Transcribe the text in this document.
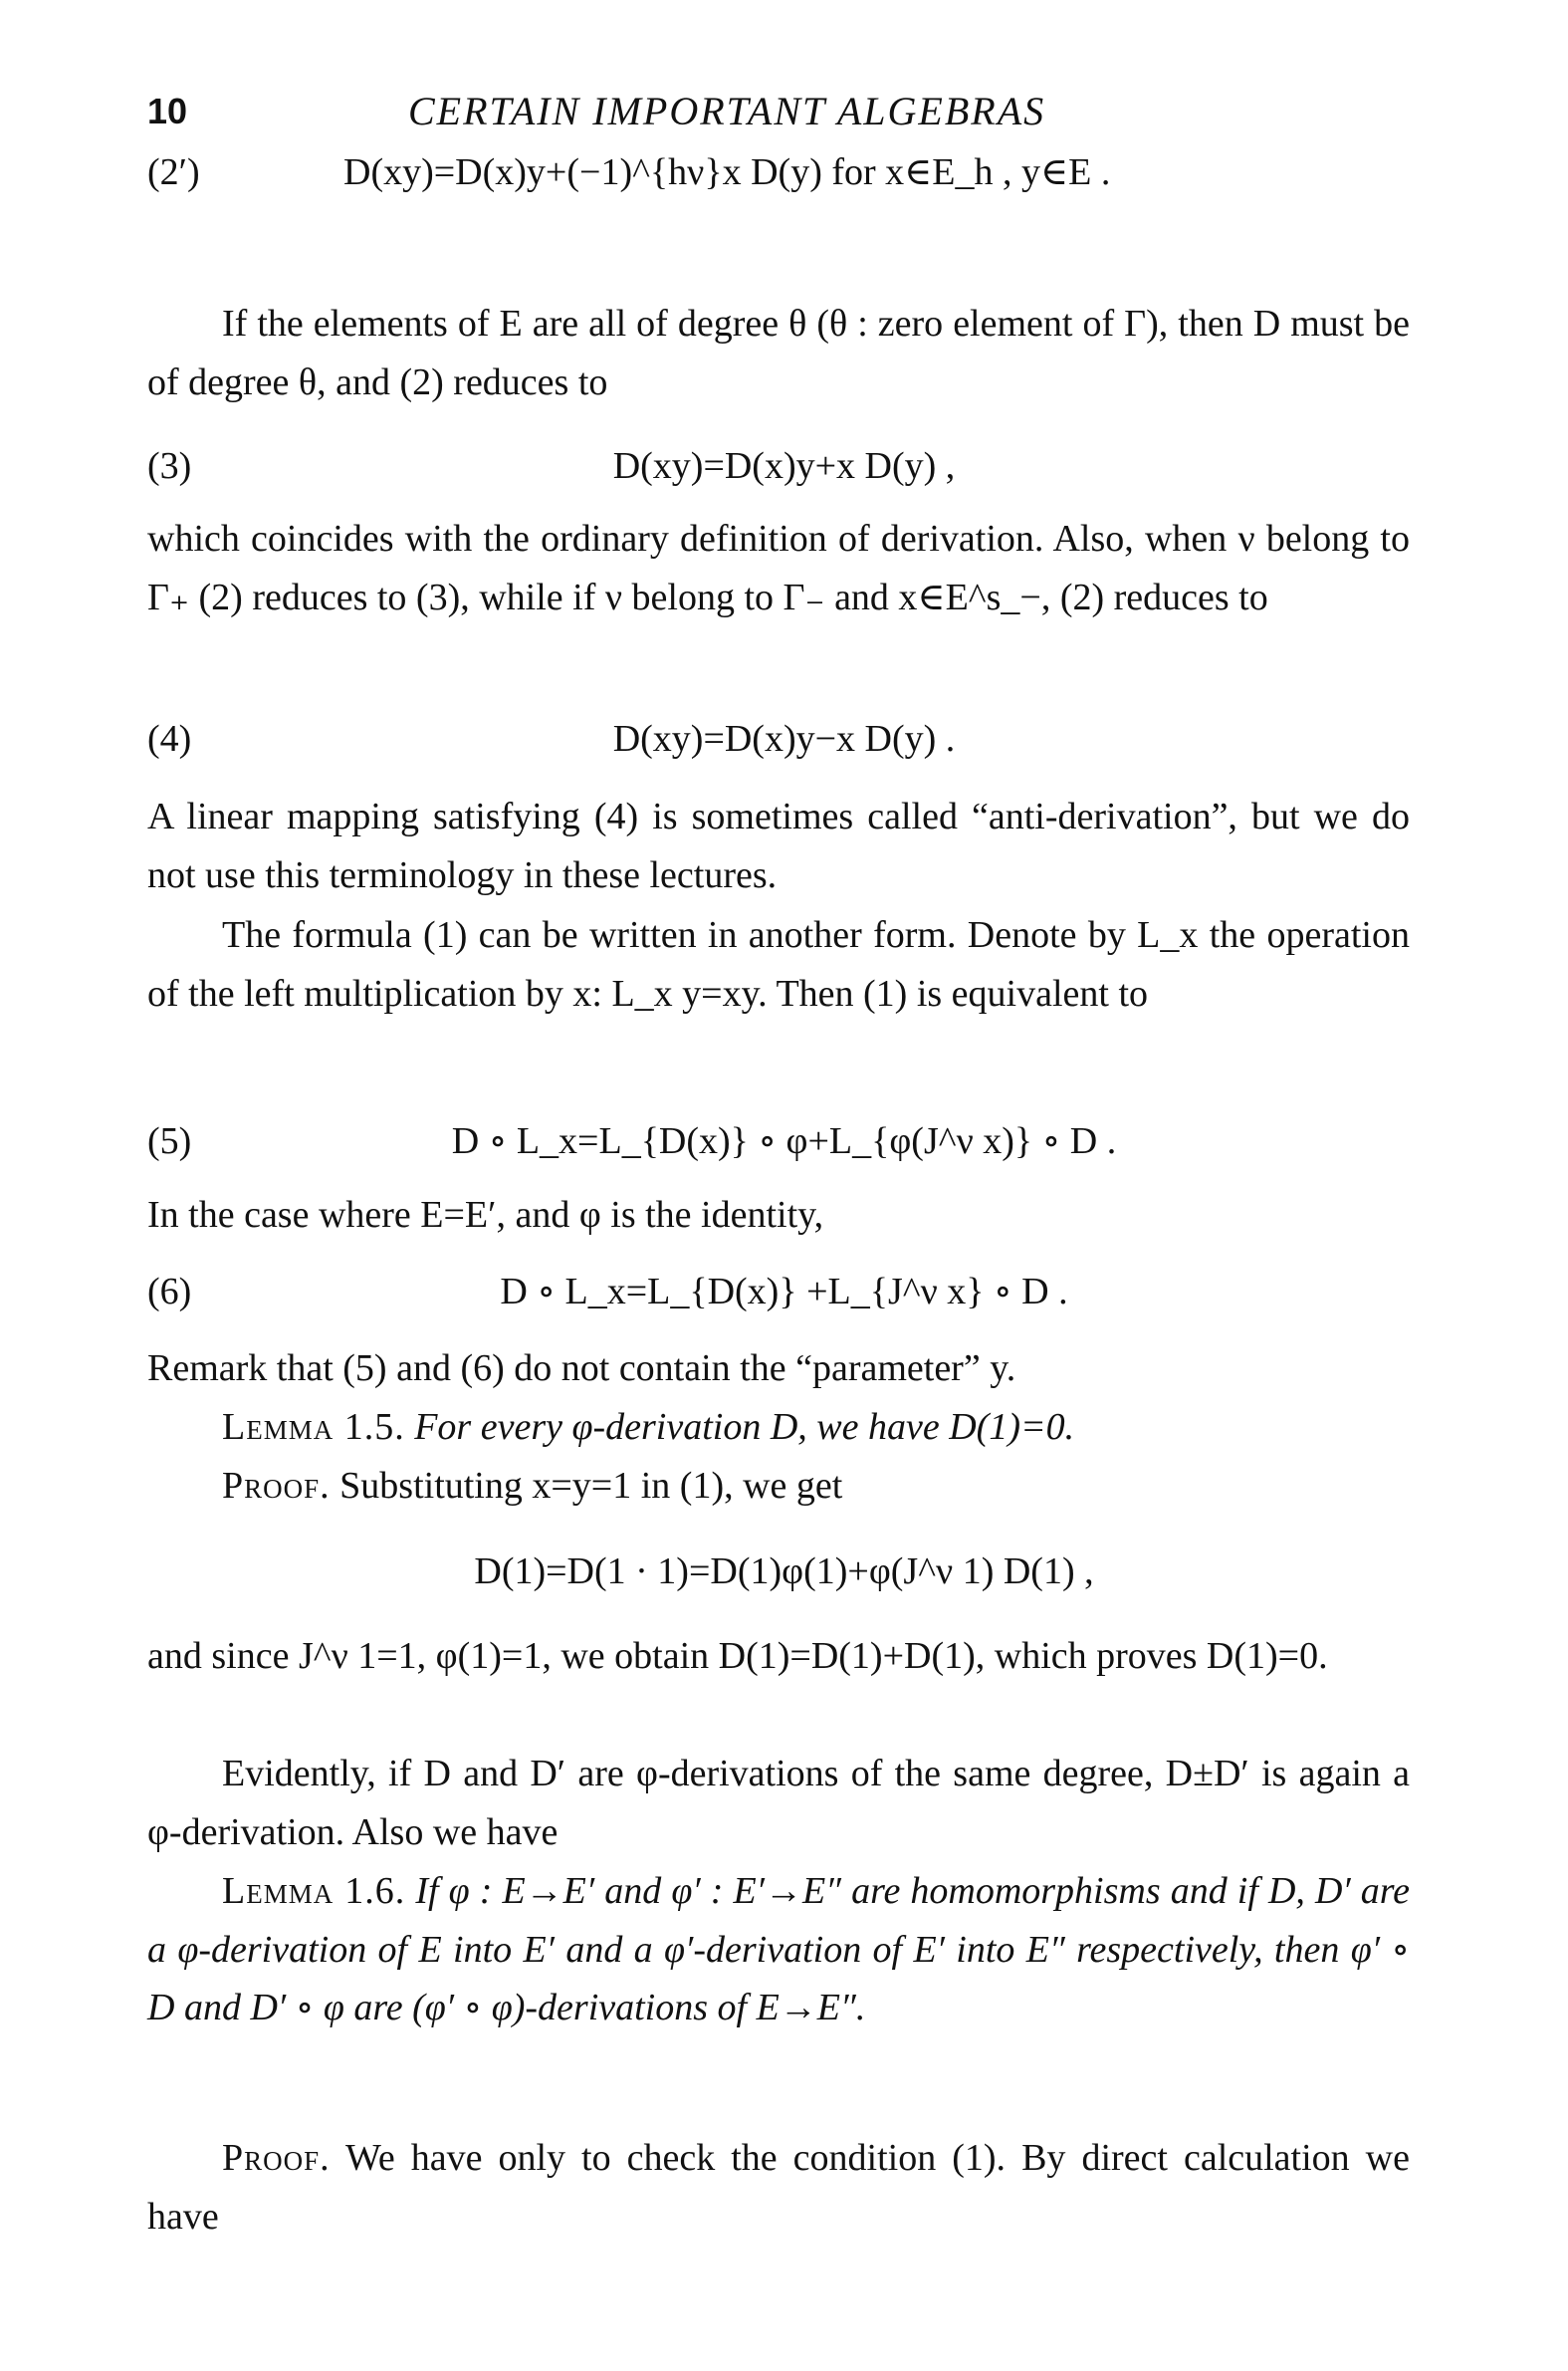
10	CERTAIN IMPORTANT ALGEBRAS
(2′)	D(xy)=D(x)y+(−1)^{hν}x D(y) for x∈E_h , y∈E .

If the elements of E are all of degree θ (θ : zero element of Γ), then D must be of degree θ, and (2) reduces to

(3)	D(xy)=D(x)y+x D(y) ,

which coincides with the ordinary definition of derivation. Also, when ν belong to Γ₊ (2) reduces to (3), while if ν belong to Γ₋ and x∈E^s_−, (2) reduces to

(4)	D(xy)=D(x)y−x D(y) .

A linear mapping satisfying (4) is sometimes called “anti-derivation”, but we do not use this terminology in these lectures.

The formula (1) can be written in another form. Denote by L_x the operation of the left multiplication by x: L_x y=xy. Then (1) is equivalent to

(5)	D ∘ L_x=L_{D(x)} ∘ φ+L_{φ(J^ν x)} ∘ D .

In the case where E=E′, and φ is the identity,

(6)	D ∘ L_x=L_{D(x)} +L_{J^ν x} ∘ D .

Remark that (5) and (6) do not contain the “parameter” y.

Lemma 1.5. For every φ-derivation D, we have D(1)=0.

Proof. Substituting x=y=1 in (1), we get

D(1)=D(1 · 1)=D(1)φ(1)+φ(J^ν 1) D(1) ,

and since J^ν 1=1, φ(1)=1, we obtain D(1)=D(1)+D(1), which proves D(1)=0.

Evidently, if D and D′ are φ-derivations of the same degree, D±D′ is again a φ-derivation. Also we have

Lemma 1.6. If φ : E→E′ and φ′ : E′→E″ are homomorphisms and if D, D′ are a φ-derivation of E into E′ and a φ′-derivation of E′ into E″ respectively, then φ′ ∘ D and D′ ∘ φ are (φ′ ∘ φ)-derivations of E→E″.

Proof. We have only to check the condition (1). By direct calculation we have
